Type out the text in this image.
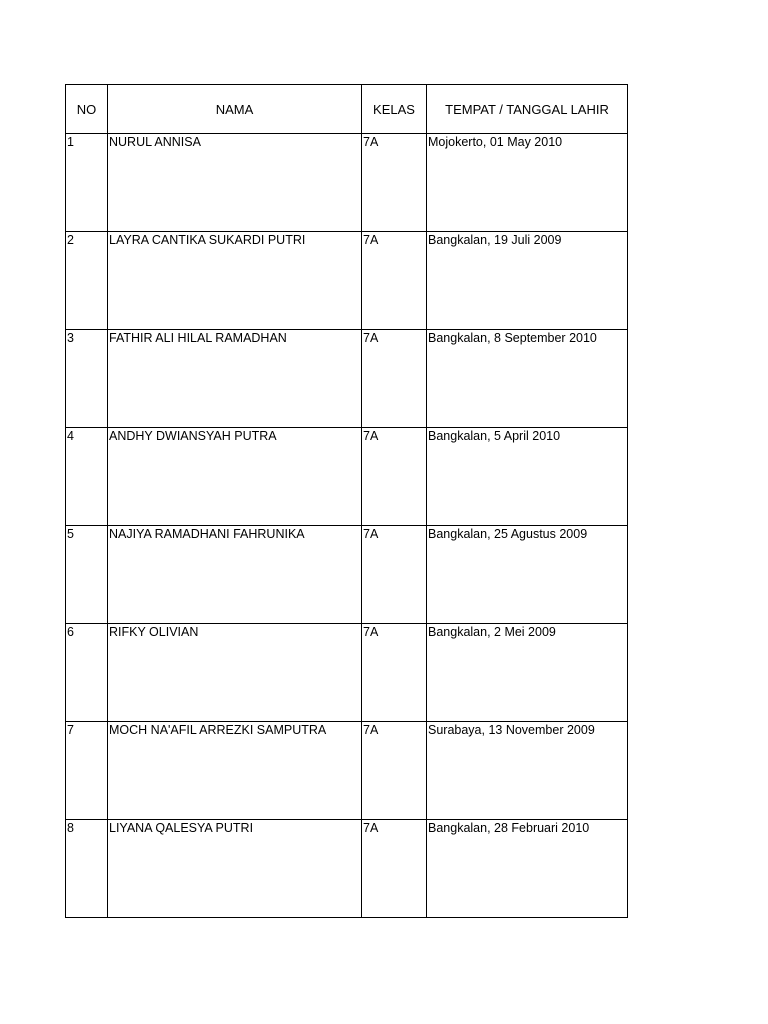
NO	NAMA	KELAS	TEMPAT / TANGGAL LAHIR
1	NURUL ANNISA	7A	Mojokerto, 01 May 2010
2	LAYRA CANTIKA SUKARDI PUTRI	7A	Bangkalan, 19 Juli 2009
3	FATHIR ALI HILAL RAMADHAN	7A	Bangkalan, 8 September 2010
4	ANDHY DWIANSYAH PUTRA	7A	Bangkalan, 5 April 2010
5	NAJIYA RAMADHANI FAHRUNIKA	7A	Bangkalan, 25 Agustus 2009
6	RIFKY OLIVIAN	7A	Bangkalan, 2 Mei 2009
7	MOCH NA'AFIL ARREZKI SAMPUTRA	7A	Surabaya, 13 November 2009
8	LIYANA QALESYA PUTRI	7A	Bangkalan, 28 Februari 2010
